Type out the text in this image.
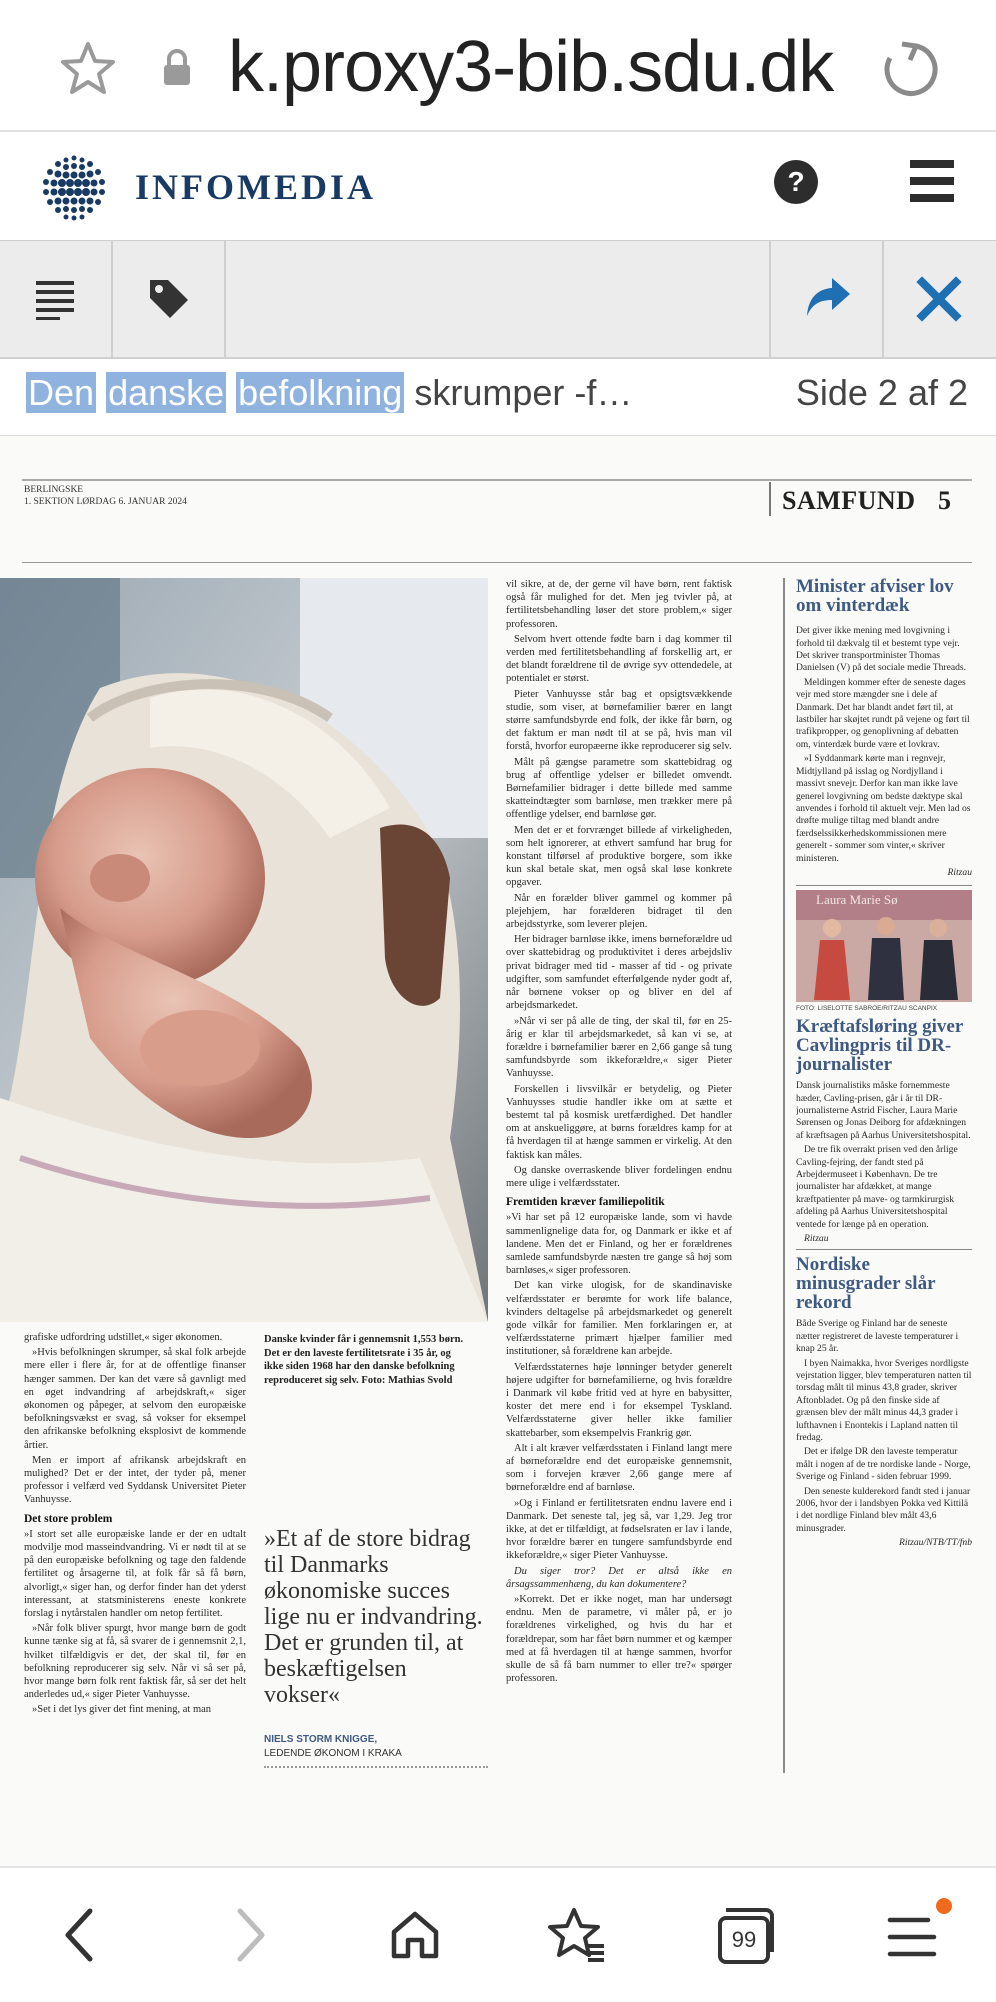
k.proxy3-bib.sdu.dk
INFOMEDIA	?
Den danske befolkning skrumper -f…	Side 2 af 2
BERLINGSKE
1. SEKTION LØRDAG 6. JANUAR 2024	SAMFUND 5

grafiske udfordring udstillet,« siger økonomen.

»Hvis befolkningen skrumper, så skal folk arbejde mere eller i flere år, for at de offentlige finanser hænger sammen. Der kan det være så gavnligt med en øget indvandring af arbejdskraft,« siger økonomen og påpeger, at selvom den europæiske befolkningsvækst er svag, så vokser for eksempel den afrikanske befolkning eksplosivt de kommende årtier.

Men er import af afrikansk arbejdskraft en mulighed? Det er der intet, der tyder på, mener professor i velfærd ved Syddansk Universitet Pieter Vanhuysse.

Det store problem

»I stort set alle europæiske lande er der en udtalt modvilje mod masseindvandring. Vi er nødt til at se på den europæiske befolkning og tage den faldende fertilitet og årsagerne til, at folk får så få børn, alvorligt,« siger han, og derfor finder han det yderst interessant, at statsministerens eneste konkrete forslag i nytårstalen handler om netop fertilitet.

»Når folk bliver spurgt, hvor mange børn de godt kunne tænke sig at få, så svarer de i gennemsnit 2,1, hvilket tilfældigvis er det, der skal til, før en befolkning reproducerer sig selv. Når vi så ser på, hvor mange børn folk rent faktisk får, så ser det helt anderledes ud,« siger Pieter Vanhuysse.

»Set i det lys giver det fint mening, at man

Danske kvinder får i gennemsnit 1,553 børn. Det er den laveste fertilitetsrate i 35 år, og ikke siden 1968 har den danske befolkning reproduceret sig selv. Foto: Mathias Svold
»Et af de store bidrag til Danmarks økonomiske succes lige nu er indvandring. Det er grunden til, at beskæftigelsen vokser«
NIELS STORM KNIGGE,
LEDENDE ØKONOM I KRAKA

vil sikre, at de, der gerne vil have børn, rent faktisk også får mulighed for det. Men jeg tvivler på, at fertilitetsbehandling løser det store problem,« siger professoren.

Selvom hvert ottende fødte barn i dag kommer til verden med fertilitetsbehandling af forskellig art, er det blandt forældrene til de øvrige syv ottendedele, at potentialet er størst.

Pieter Vanhuysse står bag et opsigtsvækkende studie, som viser, at børnefamilier bærer en langt større samfundsbyrde end folk, der ikke får børn, og det faktum er man nødt til at se på, hvis man vil forstå, hvorfor europæerne ikke reproducerer sig selv.

Målt på gængse parametre som skattebidrag og brug af offentlige ydelser er billedet omvendt. Børnefamilier bidrager i dette billede med samme skatteindtægter som barnløse, men trækker mere på offentlige ydelser, end barnløse gør.

Men det er et forvrænget billede af virkeligheden, som helt ignorerer, at ethvert samfund har brug for konstant tilførsel af produktive borgere, som ikke kun skal betale skat, men også skal løse konkrete opgaver.

Når en forælder bliver gammel og kommer på plejehjem, har forælderen bidraget til den arbejdsstyrke, som leverer plejen.

Her bidrager barnløse ikke, imens børneforældre ud over skattebidrag og produktivitet i deres arbejdsliv privat bidrager med tid - masser af tid - og private udgifter, som samfundet efterfølgende nyder godt af, når børnene vokser op og bliver en del af arbejdsmarkedet.

»Når vi ser på alle de ting, der skal til, før en 25-årig er klar til arbejdsmarkedet, så kan vi se, at forældre i børnefamilier bærer en 2,66 gange så tung samfundsbyrde som ikkeforældre,« siger Pieter Vanhuysse.

Forskellen i livsvilkår er betydelig, og Pieter Vanhuysses studie handler ikke om at sætte et bestemt tal på kosmisk uretfærdighed. Det handler om at anskueliggøre, at børns forældres kamp for at få hverdagen til at hænge sammen er virkelig. At den faktisk kan måles.

Og danske overraskende bliver fordelingen endnu mere ulige i velfærdsstater.

Fremtiden kræver familiepolitik

»Vi har set på 12 europæiske lande, som vi havde sammenlignelige data for, og Danmark er ikke et af landene. Men det er Finland, og her er forældrenes samlede samfundsbyrde næsten tre gange så høj som barnløses,« siger professoren.

Det kan virke ulogisk, for de skandinaviske velfærdsstater er berømte for work life balance, kvinders deltagelse på arbejdsmarkedet og generelt gode vilkår for familier. Men forklaringen er, at velfærdsstaterne primært hjælper familier med institutioner, så forældrene kan arbejde.

Velfærdsstaternes høje lønninger betyder generelt højere udgifter for børnefamilierne, og hvis forældre i Danmark vil købe fritid ved at hyre en babysitter, koster det mere end i for eksempel Tyskland. Velfærdsstaterne giver heller ikke familier skattebarber, som eksempelvis Frankrig gør.

Alt i alt kræver velfærdsstaten i Finland langt mere af børneforældre end det europæiske gennemsnit, som i forvejen kræver 2,66 gange mere af børneforældre end af barnløse.

»Og i Finland er fertilitetsraten endnu lavere end i Danmark. Det seneste tal, jeg så, var 1,29. Jeg tror ikke, at det er tilfældigt, at fødselsraten er lav i lande, hvor forældre bærer en tungere samfundsbyrde end ikkeforældre,« siger Pieter Vanhuysse.

Du siger tror? Det er altså ikke en årsagssammenhæng, du kan dokumentere?

»Korrekt. Det er ikke noget, man har undersøgt endnu. Men de parametre, vi måler på, er jo forældrenes virkelighed, og hvis du har et forældrepar, som har fået børn nummer et og kæmper med at få hverdagen til at hænge sammen, hvorfor skulle de så få barn nummer to eller tre?« spørger professoren.

Minister afviser lov om vinterdæk

Det giver ikke mening med lovgivning i forhold til dækvalg til et bestemt type vejr. Det skriver transportminister Thomas Danielsen (V) på det sociale medie Threads.

Meldingen kommer efter de seneste dages vejr med store mængder sne i dele af Danmark. Det har blandt andet ført til, at lastbiler har skøjtet rundt på vejene og ført til trafikpropper, og genoplivning af debatten om, vinterdæk burde være et lovkrav.

»I Syddanmark kørte man i regnvejr, Midtjylland på isslag og Nordjylland i massivt snevejr. Derfor kan man ikke lave generel lovgivning om bedste dæktype skal anvendes i forhold til aktuelt vejr. Men lad os drøfte mulige tiltag med blandt andre færdselssikkerhedskommissionen mere generelt - sommer som vinter,« skriver ministeren.

Ritzau

Laura Marie Sø
FOTO: LISELOTTE SABROE/RITZAU SCANPIX
Kræftafsløring giver Cavlingpris til DR-journalister

Dansk journalistiks måske fornemmeste hæder, Cavling-prisen, går i år til DR-journalisterne Astrid Fischer, Laura Marie Sørensen og Jonas Deiborg for afdækningen af kræftsagen på Aarhus Universitetshospital.

De tre fik overrakt prisen ved den årlige Cavling-fejring, der fandt sted på Arbejdermuseet i København. De tre journalister har afdækket, at mange kræftpatienter på mave- og tarmkirurgisk afdeling på Aarhus Universitetshospital ventede for længe på en operation.

Ritzau

Nordiske minusgrader slår rekord

Både Sverige og Finland har de seneste nætter registreret de laveste temperaturer i knap 25 år.

I byen Naimakka, hvor Sveriges nordligste vejrstation ligger, blev temperaturen natten til torsdag målt til minus 43,8 grader, skriver Aftonbladet. Og på den finske side af grænsen blev der målt minus 44,3 grader i lufthavnen i Enontekis i Lapland natten til fredag.

Det er ifølge DR den laveste temperatur målt i nogen af de tre nordiske lande - Norge, Sverige og Finland - siden februar 1999.

Den seneste kulderekord fandt sted i januar 2006, hvor der i landsbyen Pokka ved Kittilä i det nordlige Finland blev målt 43,6 minusgrader.

Ritzau/NTB/TT/fnb

99
